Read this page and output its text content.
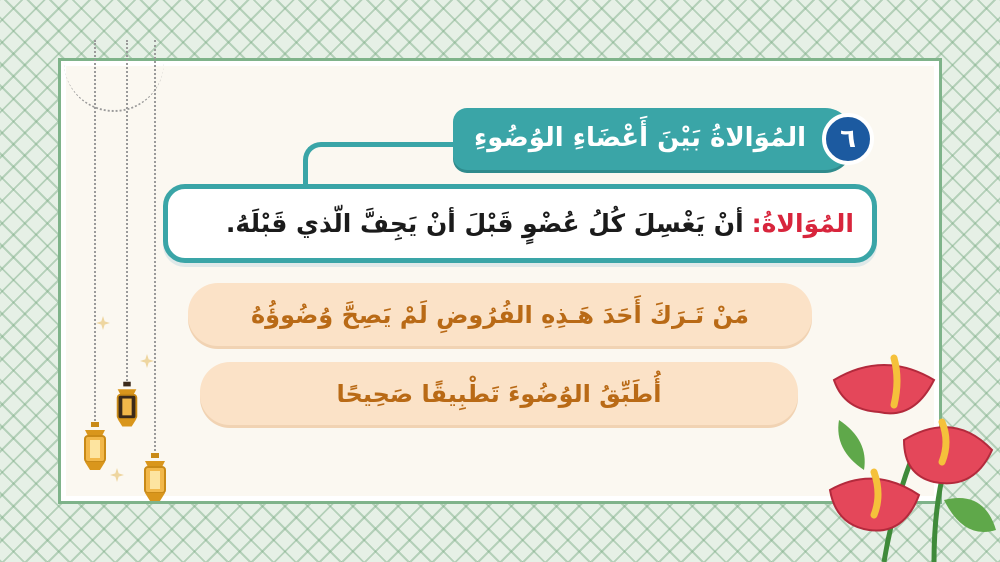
المُوَالاةُ بَيْنَ أَعْضَاءِ الوُضُوءِ	٦
المُوَالاةُ:
أنْ يَغْسِلَ كُلُ عُضْوٍ قَبْلَ أنْ يَجِفَّ الّذي قَبْلَهُ.
مَنْ تَـرَكَ أَحَدَ هَـذِهِ الفُرُوضِ لَمْ يَصِحَّ وُضُوؤُهُ
أُطَبِّقُ الوُضُوءَ تَطْبِيقًا صَحِيحًا
